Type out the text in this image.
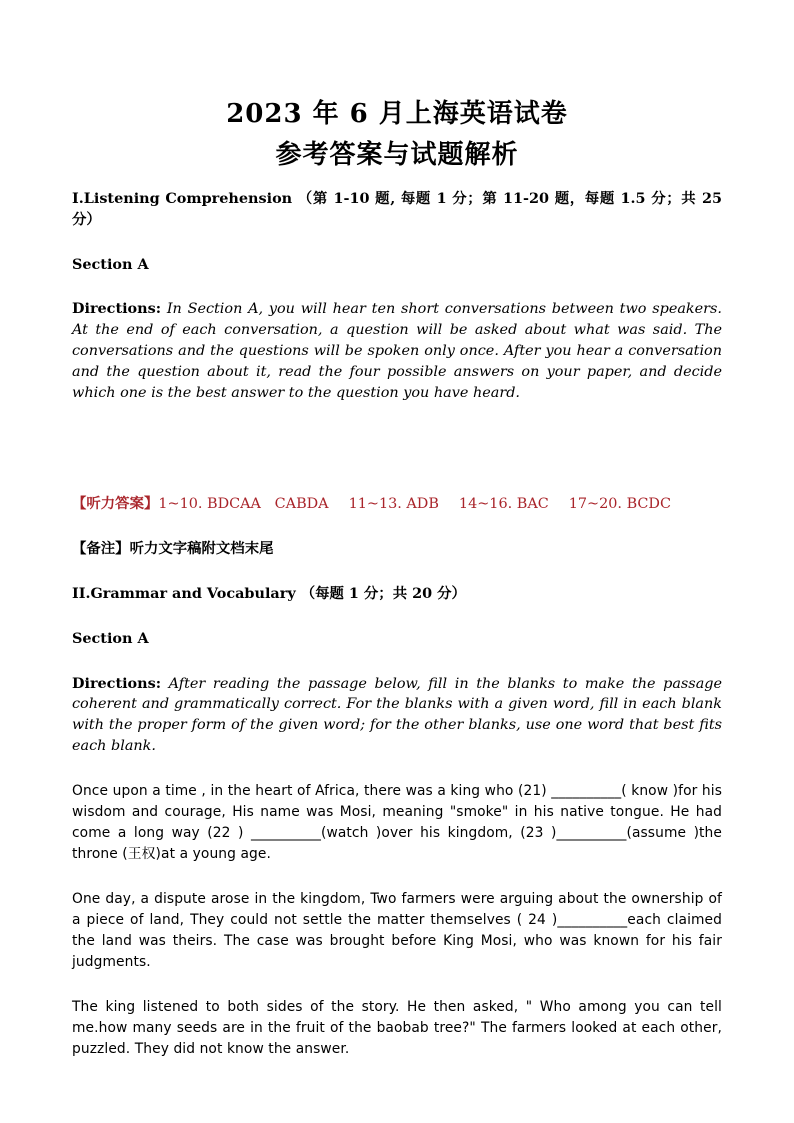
2023 年 6 月上海英语试卷
参考答案与试题解析

I.Listening Comprehension （第 1-10 题, 每题 1 分；第 11-20 题，每题 1.5 分；共 25 分）

Section A

Directions: In Section A, you will hear ten short conversations between two speakers. At the end of each conversation, a question will be asked about what was said. The conversations and the questions will be spoken only once. After you hear a conversation and the question about it, read the four possible answers on your paper, and decide which one is the best answer to the question you have heard.

【听力答案】1~10. BDCAA   CABDA 11~13. ADB 14~16. BAC 17~20. BCDC

【备注】听力文字稿附文档末尾

II.Grammar and Vocabulary （每题 1 分；共 20 分）

Section A

Directions: After reading the passage below, fill in the blanks to make the passage coherent and grammatically correct. For the blanks with a given word, fill in each blank with the proper form of the given word; for the other blanks, use one word that best fits each blank.

Once upon a time , in the heart of Africa, there was a king who (21) __________( know )for his wisdom and courage, His name was Mosi, meaning "smoke" in his native tongue. He had come a long way (22 ) __________(watch )over his kingdom, (23 )__________(assume )the throne (王权)at a young age.

One day, a dispute arose in the kingdom, Two farmers were arguing about the ownership of a piece of land, They could not settle the matter themselves ( 24 )__________each claimed the land was theirs. The case was brought before King Mosi, who was known for his fair judgments.

The king listened to both sides of the story. He then asked, " Who among you can tell me.how many seeds are in the fruit of the baobab tree?" The farmers looked at each other, puzzled. They did not know the answer.
